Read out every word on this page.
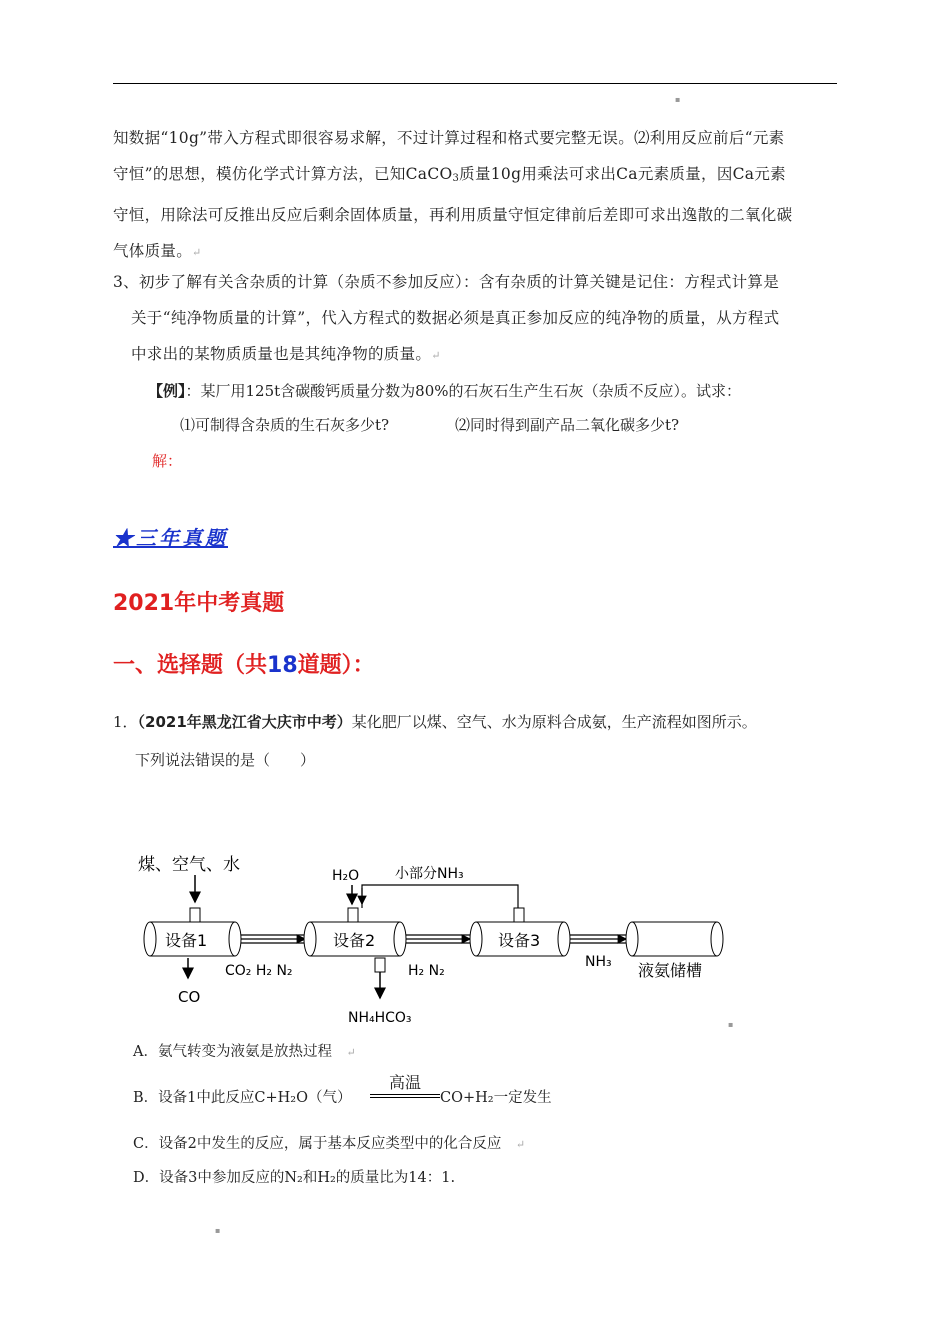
▪
知数据“10g”带入方程式即很容易求解，不过计算过程和格式要完整无误。⑵利用反应前后“元素
守恒”的思想，模仿化学式计算方法，已知CaCO3质量10g用乘法可求出Ca元素质量，因Ca元素
守恒，用除法可反推出反应后剩余固体质量，再利用质量守恒定律前后差即可求出逸散的二氧化碳
气体质量。↵
3、初步了解有关含杂质的计算（杂质不参加反应）：含有杂质的计算关键是记住：方程式计算是
关于“纯净物质量的计算”，代入方程式的数据必须是真正参加反应的纯净物的质量，从方程式
中求出的某物质质量也是其纯净物的质量。↵
【例】：某厂用125t含碳酸钙质量分数为80%的石灰石生产生石灰（杂质不反应）。试求：
⑴可制得含杂质的生石灰多少t?	⑵同时得到副产品二氧化碳多少t?
解：
★三年真题
2021年中考真题
一、选择题（共18道题）：
1．（2021年黑龙江省大庆市中考）某化肥厂以煤、空气、水为原料合成氨，生产流程如图所示。
下列说法错误的是（　　）
煤、空气、水
设备1
CO
CO₂ H₂ N₂
H₂O
设备2
NH₄HCO₃
小部分NH₃
H₂ N₂
设备3
NH₃ 液氨储槽
▪
A．氨气转变为液氨是放热过程 　↵
B．设备1中此反应C+H₂O（气）
高温
CO+H₂一定发生
C．设备2中发生的反应，属于基本反应类型中的化合反应 　↵
D．设备3中参加反应的N₂和H₂的质量比为14：1.
▪
